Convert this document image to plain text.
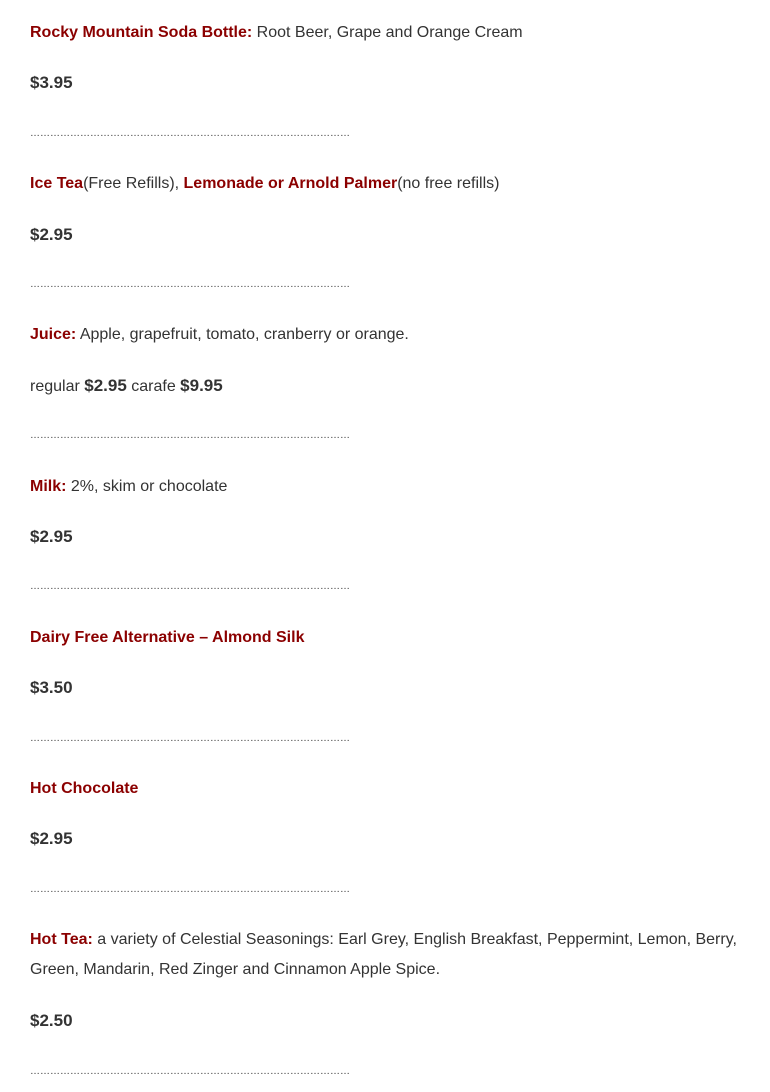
Rocky Mountain Soda Bottle: Root Beer, Grape and Orange Cream
$3.95
……………………………………………………………………………………
Ice Tea(Free Refills), Lemonade or Arnold Palmer(no free refills)
$2.95
……………………………………………………………………………………
Juice: Apple, grapefruit, tomato, cranberry or orange.
regular $2.95 carafe $9.95
……………………………………………………………………………………
Milk: 2%, skim or chocolate
$2.95
……………………………………………………………………………………
Dairy Free Alternative – Almond Silk
$3.50
……………………………………………………………………………………
Hot Chocolate
$2.95
……………………………………………………………………………………
Hot Tea: a variety of Celestial Seasonings: Earl Grey, English Breakfast, Peppermint, Lemon, Berry, Green, Mandarin, Red Zinger and Cinnamon Apple Spice.
$2.50
……………………………………………………………………………………
